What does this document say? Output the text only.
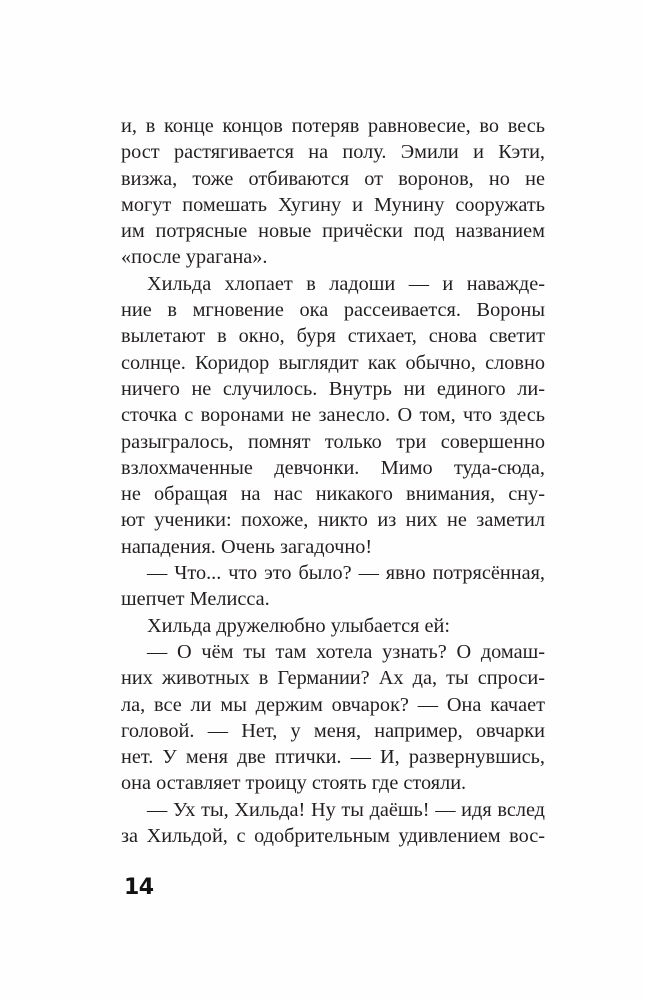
и, в конце концов потеряв равновесие, во весь
рост растягивается на полу. Эмили и Кэти,
визжа, тоже отбиваются от воронов, но не
могут помешать Хугину и Мунину сооружать
им потрясные новые причёски под названием
«после урагана».
Хильда хлопает в ладоши — и наважде-
ние в мгновение ока рассеивается. Вороны
вылетают в окно, буря стихает, снова светит
солнце. Коридор выглядит как обычно, словно
ничего не случилось. Внутрь ни единого ли-
сточка с воронами не занесло. О том, что здесь
разыгралось, помнят только три совершенно
взлохмаченные девчонки. Мимо туда-сюда,
не обращая на нас никакого внимания, сну-
ют ученики: похоже, никто из них не заметил
нападения. Очень загадочно!
— Что... что это было? — явно потрясённая,
шепчет Мелисса.
Хильда дружелюбно улыбается ей:
— О чём ты там хотела узнать? О домаш-
них животных в Германии? Ах да, ты спроси-
ла, все ли мы держим овчарок? — Она качает
головой. — Нет, у меня, например, овчарки
нет. У меня две птички. — И, развернувшись,
она оставляет троицу стоять где стояли.
— Ух ты, Хильда! Ну ты даёшь! — идя вслед
за Хильдой, с одобрительным удивлением вос-
14
